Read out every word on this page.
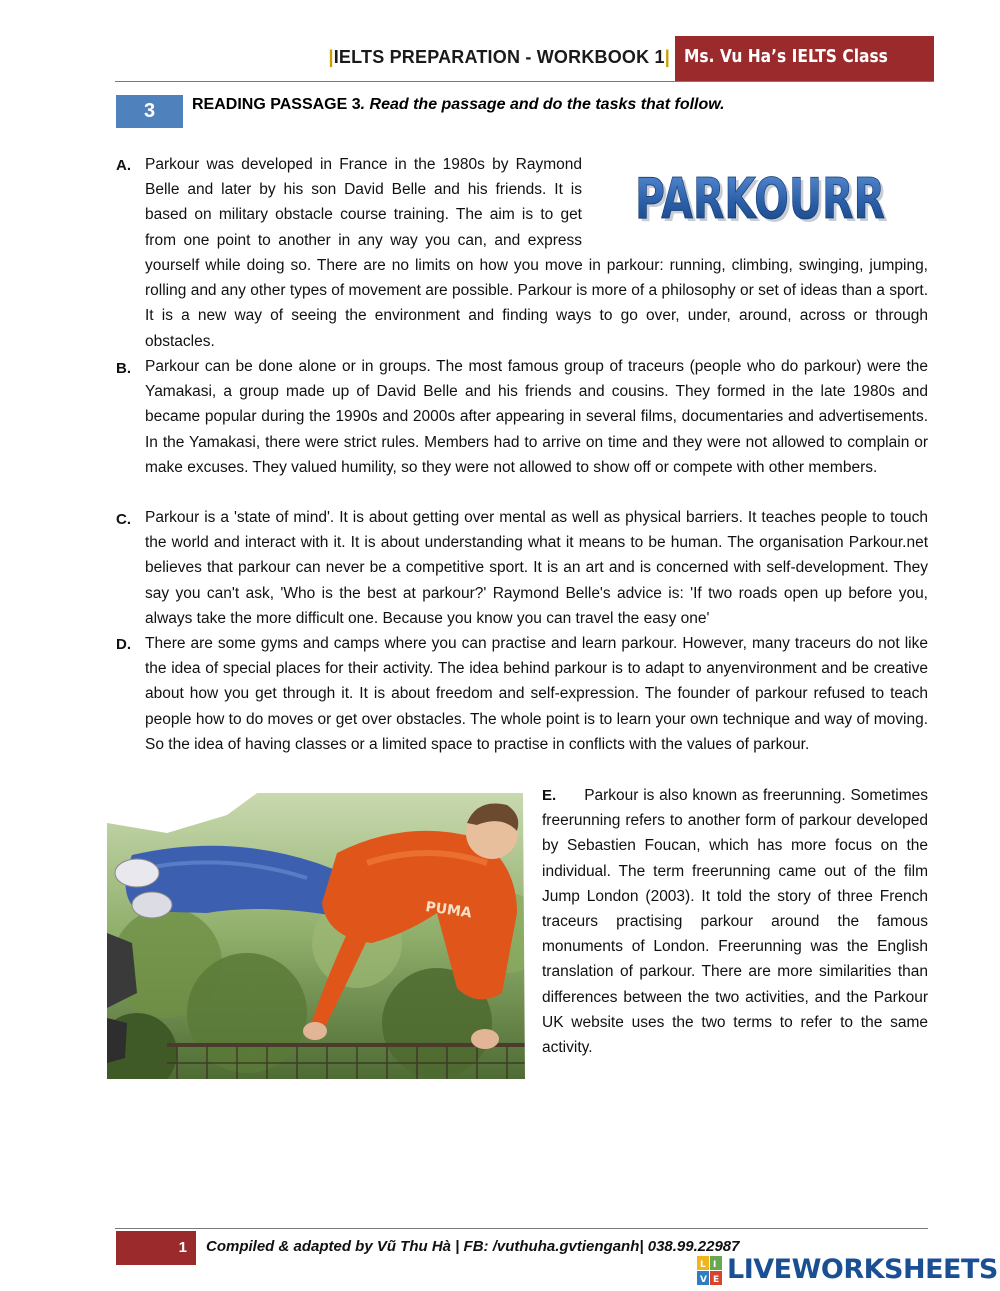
|IELTS PREPARATION - WORKBOOK 1| Ms. Vu Ha’s IELTS Class
3	READING PASSAGE 3. Read the passage and do the tasks that follow.
A. Parkour was developed in France in the 1980s by Raymond
Belle and later by his son David Belle and his friends. It is
based on military obstacle course training. The aim is to get
from one point to another in any way you can, and express
yourself while doing so. There are no limits on how you move in parkour: running, climbing, swinging, jumping, rolling and any other types of movement are possible. Parkour is more of a philosophy or set of ideas than a sport. It is a new way of seeing the environment and finding ways to go over, under, around, across or through obstacles.
PARKOURR
PARKOURR
B. Parkour can be done alone or in groups. The most famous group of traceurs (people who do parkour) were the Yamakasi, a group made up of David Belle and his friends and cousins. They formed in the late 1980s and became popular during the 1990s and 2000s after appearing in several films, documentaries and advertisements. In the Yamakasi, there were strict rules. Members had to arrive on time and they were not allowed to complain or make excuses. They valued humility, so they were not allowed to show off or compete with other members.
C. Parkour is a 'state of mind'. It is about getting over mental as well as physical barriers. It teaches people to touch the world and interact with it. It is about understanding what it means to be human. The organisation Parkour.net believes that parkour can never be a competitive sport. It is an art and is concerned with self-development. They say you can't ask, 'Who is the best at parkour?' Raymond Belle's advice is: 'If two roads open up before you, always take the more difficult one. Because you know you can travel the easy one'
D. There are some gyms and camps where you can practise and learn parkour. However, many traceurs do not like the idea of special places for their activity. The idea behind parkour is to adapt to anyenvironment and be creative about how you get through it. It is about freedom and self-expression. The founder of parkour refused to teach people how to do moves or get over obstacles. The whole point is to learn your own technique and way of moving. So the idea of having classes or a limited space to practise in conflicts with the values of parkour.
PUMA
E. Parkour is also known as freerunning. Sometimes freerunning refers to another form of parkour developed by Sebastien Foucan, which has more focus on the individual. The term freerunning came out of the film Jump London (2003). It told the story of three French traceurs practising parkour around the famous monuments of London. Freerunning was the English translation of parkour. There are more similarities than differences between the two activities, and the Parkour UK website uses the two terms to refer to the same activity.
1 Compiled & adapted by Vũ Thu Hà | FB: /vuthuha.gvtienganh| 038.99.22987
L I
V E LIVEWORKSHEETS
